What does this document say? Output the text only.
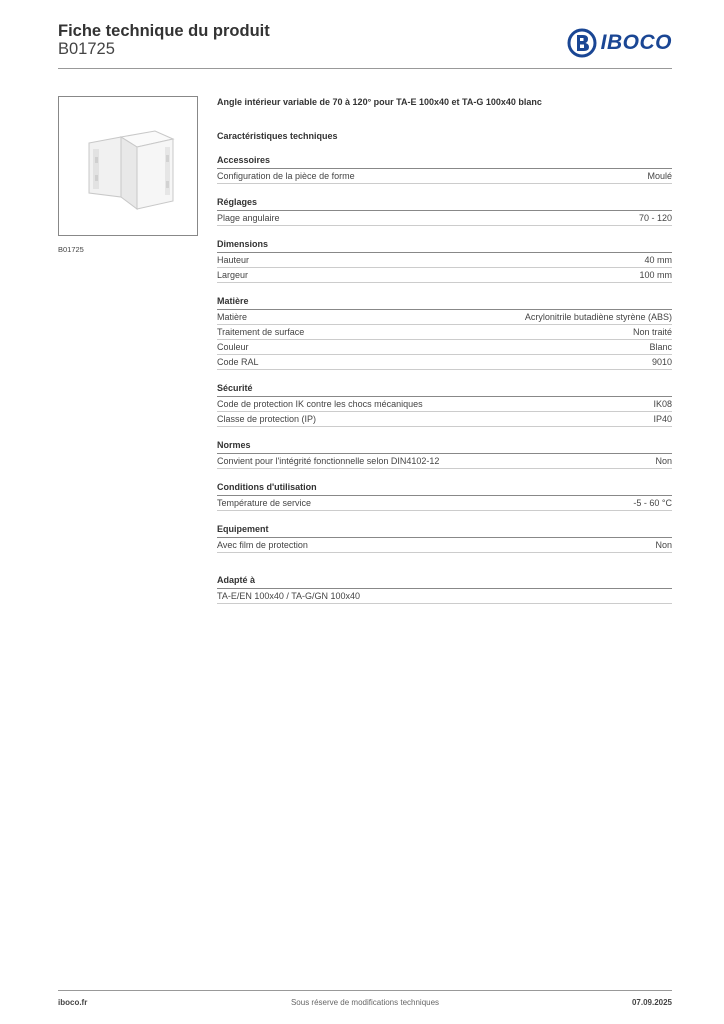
Fiche technique du produit
B01725	IBOCO
B01725
Angle intérieur variable de 70 à 120° pour TA-E 100x40 et TA-G 100x40 blanc
Caractéristiques techniques
Accessoires
Configuration de la pièce de forme	Moulé
Réglages
Plage angulaire	70 - 120
Dimensions
Hauteur	40 mm
Largeur	100 mm
Matière
Matière	Acrylonitrile butadiène styrène (ABS)
Traitement de surface	Non traité
Couleur	Blanc
Code RAL	9010
Sécurité
Code de protection IK contre les chocs mécaniques	IK08
Classe de protection (IP)	IP40
Normes
Convient pour l'intégrité fonctionnelle selon DIN4102-12	Non
Conditions d'utilisation
Température de service	-5 - 60 °C
Equipement
Avec film de protection	Non
Adapté à
TA-E/EN 100x40 / TA-G/GN 100x40
iboco.fr	Sous réserve de modifications techniques	07.09.2025
